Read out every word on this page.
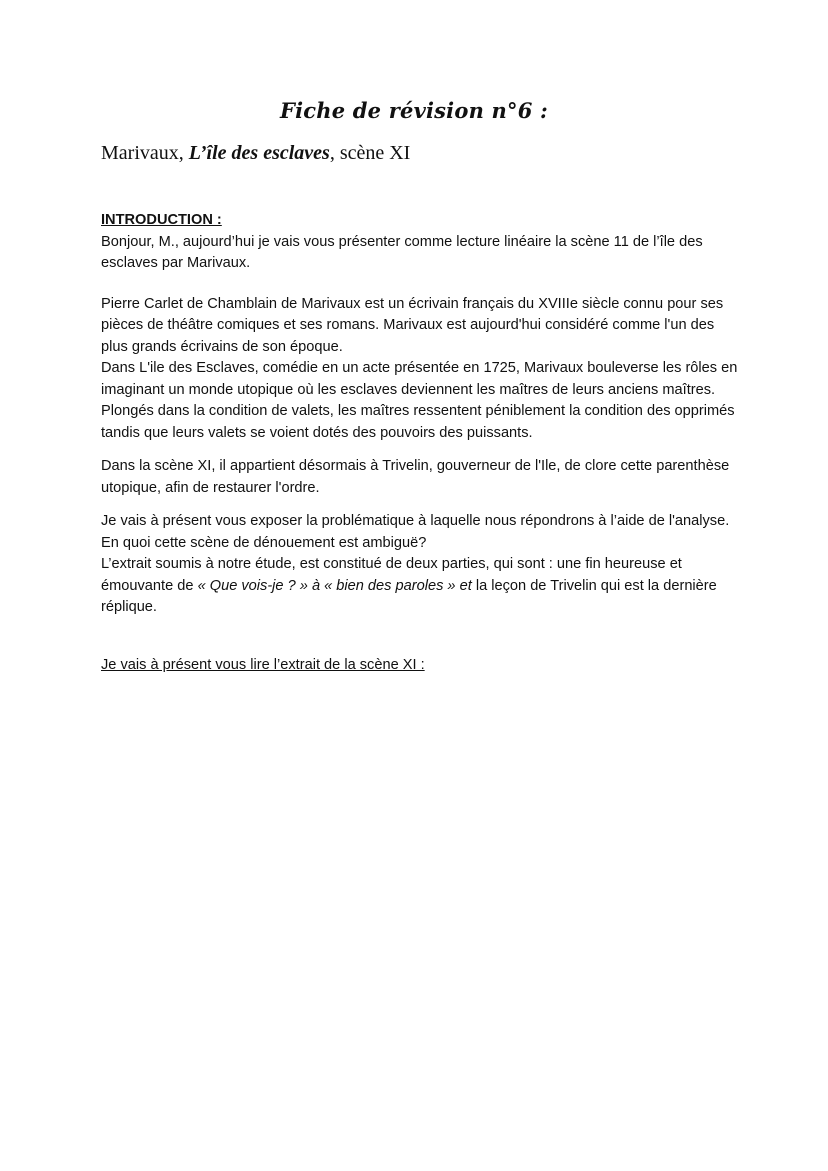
Fiche de révision n°6 :
Marivaux, L’île des esclaves, scène XI

INTRODUCTION :

Bonjour, M., aujourd’hui je vais vous présenter comme lecture linéaire la scène 11 de l’île des esclaves par Marivaux.

Pierre Carlet de Chamblain de Marivaux est un écrivain français du XVIIIe siècle connu pour ses pièces de théâtre comiques et ses romans. Marivaux est aujourd'hui considéré comme l'un des plus grands écrivains de son époque.

Dans L'ile des Esclaves, comédie en un acte présentée en 1725, Marivaux bouleverse les rôles en imaginant un monde utopique où les esclaves deviennent les maîtres de leurs anciens maîtres. Plongés dans la condition de valets, les maîtres ressentent péniblement la condition des opprimés tandis que leurs valets se voient dotés des pouvoirs des puissants.

Dans la scène XI, il appartient désormais à Trivelin, gouverneur de l'Ile, de clore cette parenthèse utopique, afin de restaurer l'ordre.

Je vais à présent vous exposer la problématique à laquelle nous répondrons à l’aide de l'analyse. En quoi cette scène de dénouement est ambiguë?

L’extrait soumis à notre étude, est constitué de deux parties, qui sont : une fin heureuse et émouvante de « Que vois-je ? » à « bien des paroles » et la leçon de Trivelin qui est la dernière réplique.

Je vais à présent vous lire l’extrait de la scène XI :
